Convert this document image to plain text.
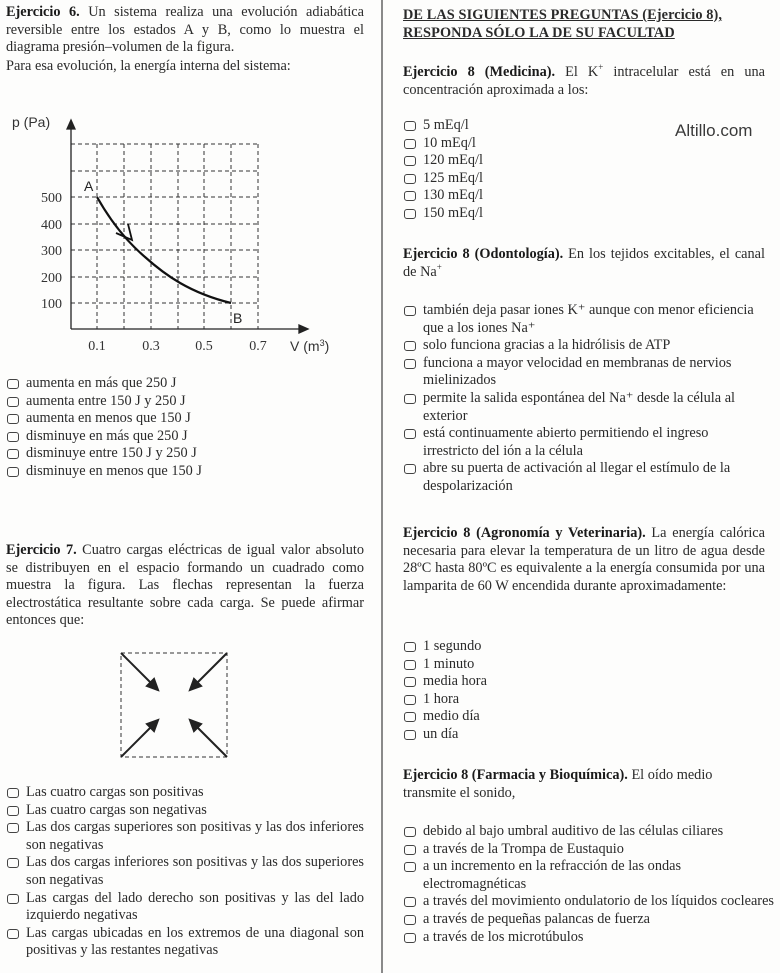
Ejercicio 6. Un sistema realiza una evolución adiabática reversible entre los estados A y B, como lo muestra el diagrama presión–volumen de la figura.

Para esa evolución, la energía interna del sistema:

p (Pa)
V $(m^3)$
A
B
500
400
300
200
100
0.1	0.3	0.5	0.7
aumenta en más que 250 J
aumenta entre 150 J y 250 J
aumenta en menos que 150 J
disminuye en más que 250 J
disminuye entre 150 J y 250 J
disminuye en menos que 150 J

Ejercicio 7. Cuatro cargas eléctricas de igual valor absoluto se distribuyen en el espacio formando un cuadrado como muestra la figura. Las flechas representan la fuerza electrostática resultante sobre cada carga. Se puede afirmar entonces que:

Las cuatro cargas son positivas
Las cuatro cargas son negativas
Las dos cargas superiores son positivas y las dos inferiores son negativas
Las dos cargas inferiores son positivas y las dos superiores son negativas
Las cargas del lado derecho son positivas y las del lado izquierdo negativas
Las cargas ubicadas en los extremos de una diagonal son positivas y las restantes negativas

DE LAS SIGUIENTES PREGUNTAS (Ejercicio 8),

RESPONDA SÓLO LA DE SU FACULTAD

Ejercicio 8 (Medicina). El K+ intracelular está en una concentración aproximada a los:

5 mEq/l
10 mEq/l
120 mEq/l
125 mEq/l
130 mEq/l
150 mEq/l

Ejercicio 8 (Odontología). En los tejidos excitables, el canal de Na+

también deja pasar iones K⁺ aunque con menor eficiencia que a los iones Na⁺
solo funciona gracias a la hidrólisis de ATP
funciona a mayor velocidad en membranas de nervios mielinizados
permite la salida espontánea del Na⁺ desde la célula al exterior
está continuamente abierto permitiendo el ingreso irrestricto del ión a la célula
abre su puerta de activación al llegar el estímulo de la despolarización

Ejercicio 8 (Agronomía y Veterinaria). La energía calórica necesaria para elevar la temperatura de un litro de agua desde 28ºC hasta 80ºC es equivalente a la energía consumida por una lamparita de 60 W encendida durante aproximadamente:

1 segundo
1 minuto
media hora
1 hora
medio día
un día

Ejercicio 8 (Farmacia y Bioquímica). El oído medio transmite el sonido,

debido al bajo umbral auditivo de las células ciliares
a través de la Trompa de Eustaquio
a un incremento en la refracción de las ondas electromagnéticas
a través del movimiento ondulatorio de los líquidos cocleares
a través de pequeñas palancas de fuerza
a través de los microtúbulos
Altillo.com
